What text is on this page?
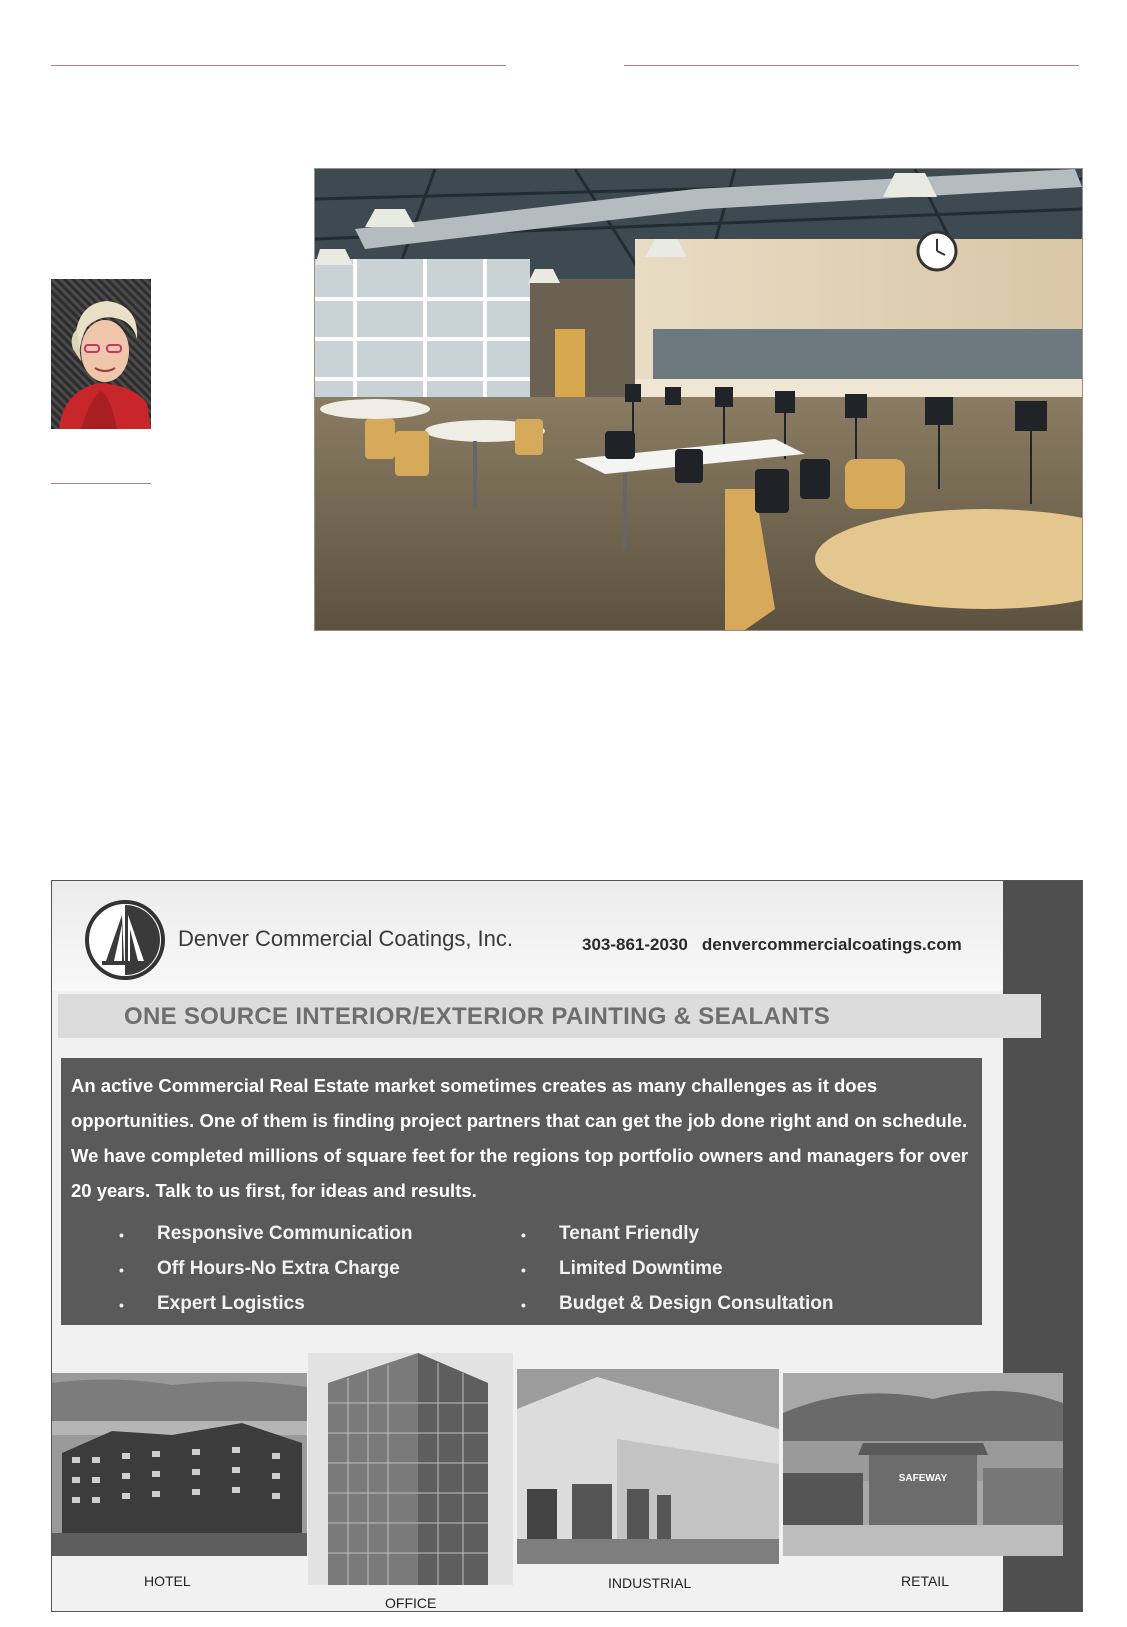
Denver Commercial Coatings, Inc.	303-861-2030 denvercommercialcoatings.com
ONE SOURCE INTERIOR/EXTERIOR PAINTING & SEALANTS
An active Commercial Real Estate market sometimes creates as many challenges as it does opportunities. One of them is finding project partners that can get the job done right and on schedule. We have completed millions of square feet for the regions top portfolio owners and managers for over 20 years. Talk to us first, for ideas and results.
• Responsive Communication
• Off Hours-No Extra Charge
• Expert Logistics
• Tenant Friendly
• Limited Downtime
• Budget & Design Consultation
SAFEWAY
HOTEL
OFFICE
INDUSTRIAL	RETAIL
